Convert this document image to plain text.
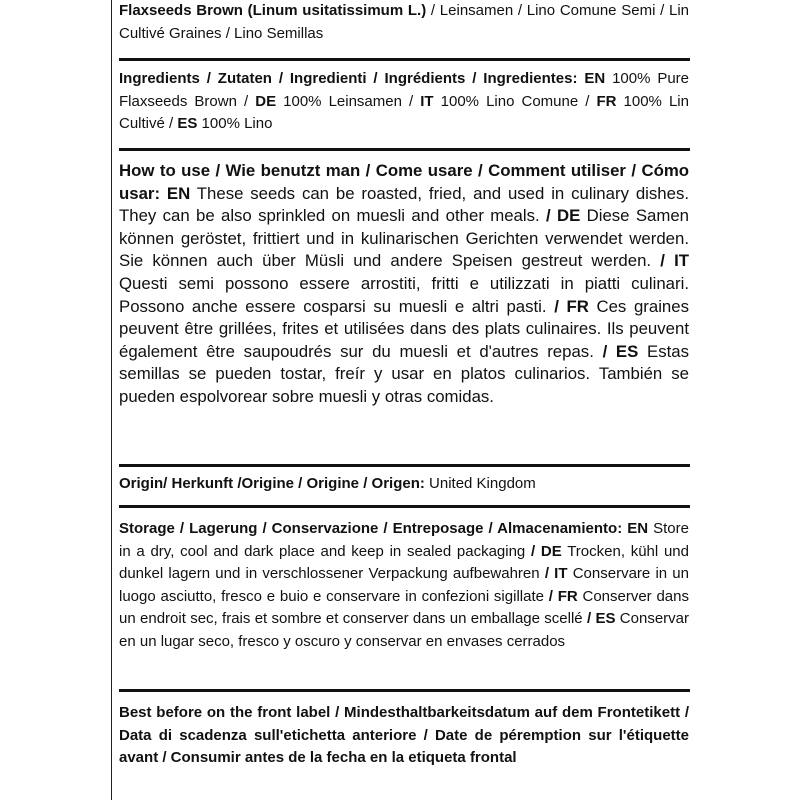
Flaxseeds Brown (Linum usitatissimum L.) / Leinsamen / Lino Comune Semi / Lin Cultivé Graines / Lino Semillas
Ingredients / Zutaten / Ingredienti / Ingrédients / Ingredientes: EN 100% Pure Flaxseeds Brown / DE 100% Leinsamen / IT 100% Lino Comune / FR 100% Lin Cultivé / ES 100% Lino
How to use / Wie benutzt man / Come usare / Comment utiliser / Cómo usar: EN These seeds can be roasted, fried, and used in culinary dishes. They can be also sprinkled on muesli and other meals. / DE Diese Samen können geröstet, frittiert und in kulinarischen Gerichten verwendet werden. Sie können auch über Müsli und andere Speisen gestreut werden. / IT Questi semi possono essere arrostiti, fritti e utilizzati in piatti culinari. Possono anche essere cosparsi su muesli e altri pasti. / FR Ces graines peuvent être grillées, frites et utilisées dans des plats culinaires. Ils peuvent également être saupoudrés sur du muesli et d'autres repas. / ES Estas semillas se pueden tostar, freír y usar en platos culinarios. También se pueden espolvorear sobre muesli y otras comidas.
Origin/ Herkunft /Origine / Origine / Origen: United Kingdom
Storage / Lagerung / Conservazione / Entreposage / Almacenamiento: EN Store in a dry, cool and dark place and keep in sealed packaging / DE Trocken, kühl und dunkel lagern und in verschlossener Verpackung aufbewahren / IT Conservare in un luogo asciutto, fresco e buio e conservare in confezioni sigillate / FR Conserver dans un endroit sec, frais et sombre et conserver dans un emballage scellé / ES Conservar en un lugar seco, fresco y oscuro y conservar en envases cerrados
Best before on the front label / Mindesthaltbarkeitsdatum auf dem Frontetikett / Data di scadenza sull'etichetta anteriore / Date de péremption sur l'étiquette avant / Consumir antes de la fecha en la etiqueta frontal
